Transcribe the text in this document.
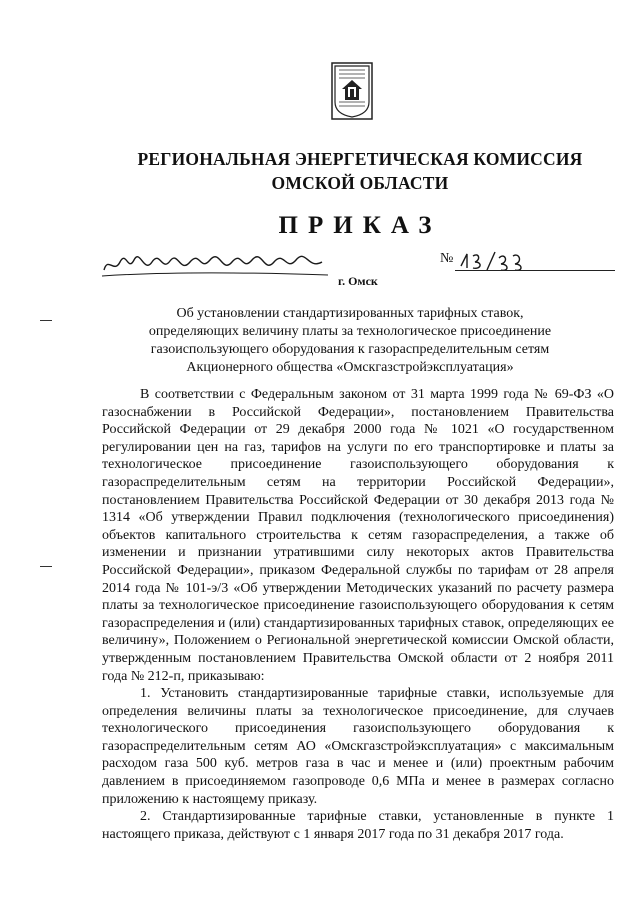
РЕГИОНАЛЬНАЯ ЭНЕРГЕТИЧЕСКАЯ КОМИССИЯ
ОМСКОЙ ОБЛАСТИ
ПРИКАЗ
г. Омск
№
Об установлении стандартизированных тарифных ставок,
определяющих величину платы за технологическое присоединение
газоиспользующего оборудования к газораспределительным сетям
Акционерного общества «Омскгазстройэксплуатация»

В соответствии с Федеральным законом от 31 марта 1999 года № 69-ФЗ «О газоснабжении в Российской Федерации», постановлением Правительства Российской Федерации от 29 декабря 2000 года № 1021 «О государственном регулировании цен на газ, тарифов на услуги по его транспортировке и платы за технологическое присоединение газоиспользующего оборудования к газораспределительным сетям на территории Российской Федерации», постановлением Правительства Российской Федерации от 30 декабря 2013 года № 1314 «Об утверждении Правил подключения (технологического присоединения) объектов капитального строительства к сетям газораспределения, а также об изменении и признании утратившими силу некоторых актов Правительства Российской Федерации», приказом Федеральной службы по тарифам от 28 апреля 2014 года № 101-э/3 «Об утверждении Методических указаний по расчету размера платы за технологическое присоединение газоиспользующего оборудования к сетям газораспределения и (или) стандартизированных тарифных ставок, определяющих ее величину», Положением о Региональной энергетической комиссии Омской области, утвержденным постановлением Правительства Омской области от 2 ноября 2011 года № 212-п, приказываю:

1. Установить стандартизированные тарифные ставки, используемые для определения величины платы за технологическое присоединение, для случаев технологического присоединения газоиспользующего оборудования к газораспределительным сетям АО «Омскгазстройэксплуатация» с максимальным расходом газа 500 куб. метров газа в час и менее и (или) проектным рабочим давлением в присоединяемом газопроводе 0,6 МПа и менее в размерах согласно приложению к настоящему приказу.

2. Стандартизированные тарифные ставки, установленные в пункте 1 настоящего приказа, действуют с 1 января 2017 года по 31 декабря 2017 года.
